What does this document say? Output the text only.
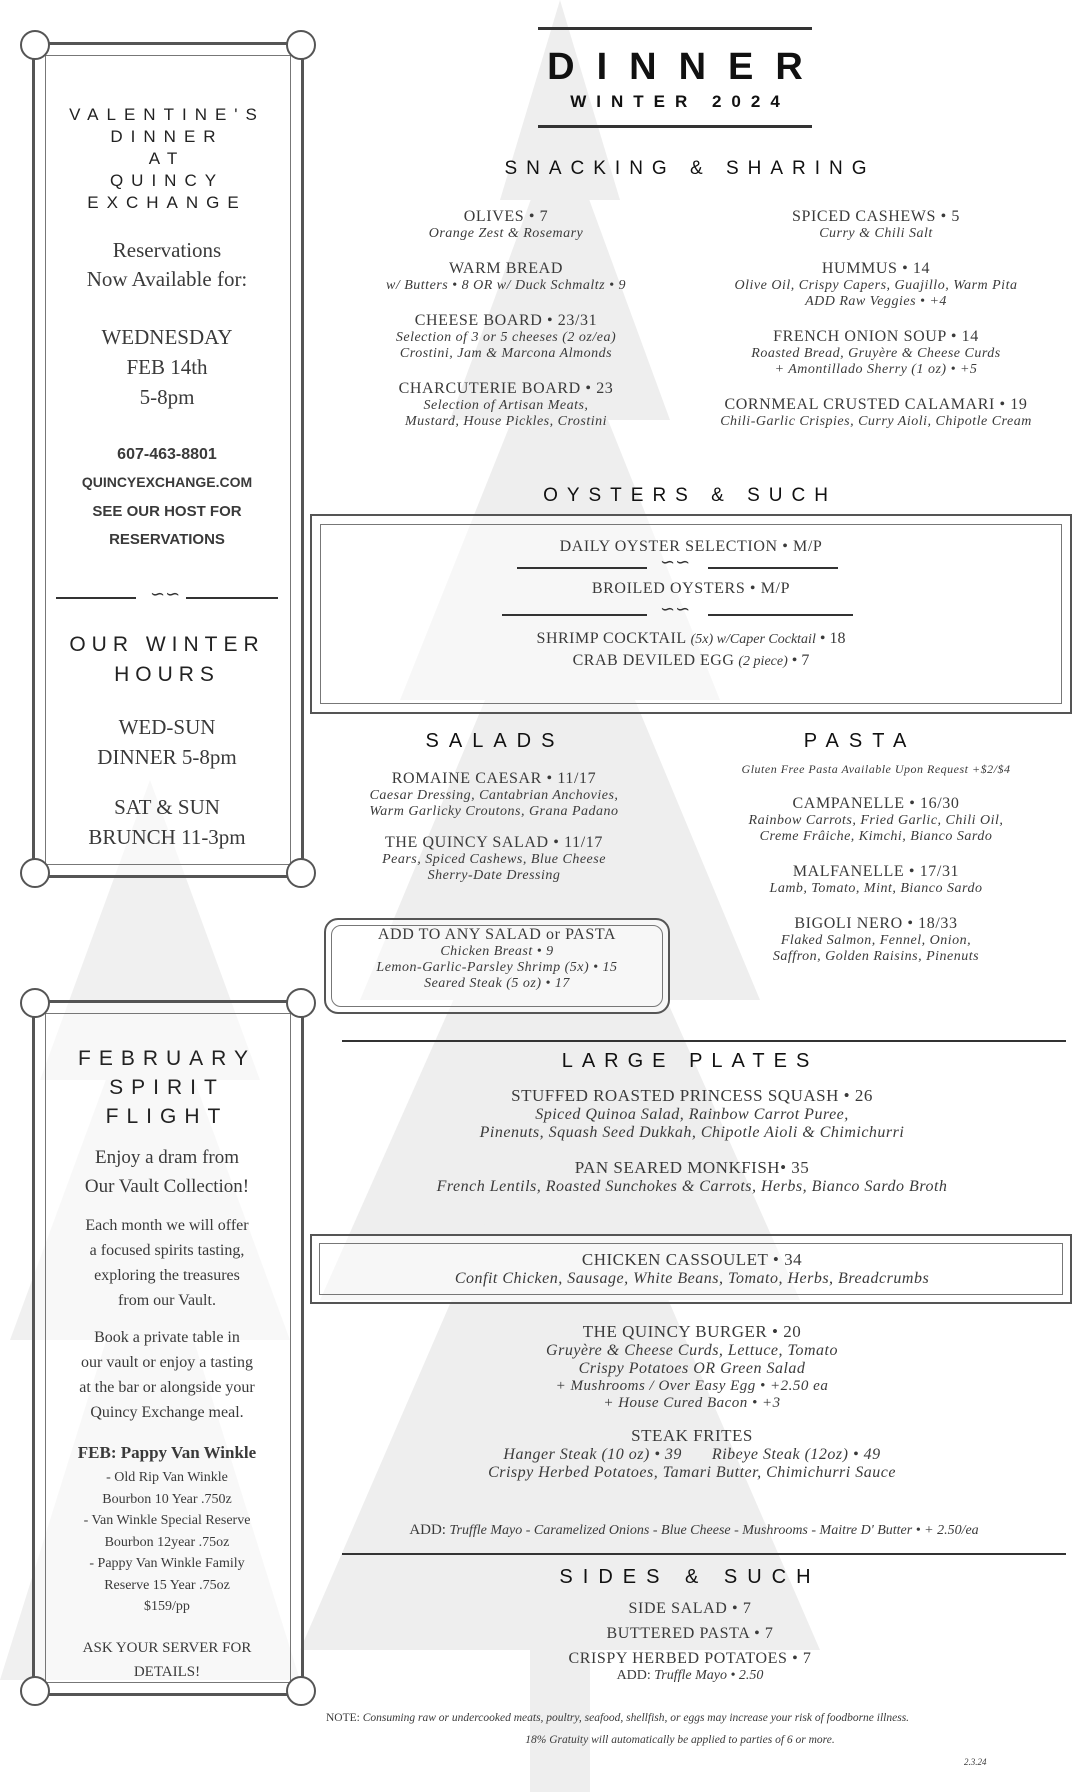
VALENTINE'S

DINNER

AT

QUINCY

EXCHANGE

Reservations

Now Available for:

WEDNESDAY

FEB 14th

5-8pm

607-463-8801
QUINCYEXCHANGE.COM

SEE OUR HOST FOR

RESERVATIONS

∽∽

OUR WINTER

HOURS

WED-SUN

DINNER 5-8pm

SAT & SUN

BRUNCH 11-3pm

FEBRUARY

SPIRIT

FLIGHT

Enjoy a dram from

Our Vault Collection!

Each month we will offer

a focused spirits tasting,

exploring the treasures

from our Vault.

Book a private table in

our vault or enjoy a tasting

at the bar or alongside your

Quincy Exchange meal.

FEB: Pappy Van Winkle

- Old Rip Van Winkle

Bourbon 10 Year .750z

- Van Winkle Special Reserve

Bourbon 12year .75oz

- Pappy Van Winkle Family

Reserve 15 Year .75oz

$159/pp

ASK YOUR SERVER FOR

DETAILS!

DINNER
WINTER 2024
SNACKING & SHARING
OLIVES • 7
Orange Zest & Rosemary
WARM BREAD
w/ Butters • 8 OR w/ Duck Schmaltz • 9
CHEESE BOARD • 23/31
Selection of 3 or 5 cheeses (2 oz/ea)
Crostini, Jam & Marcona Almonds
CHARCUTERIE BOARD • 23
Selection of Artisan Meats,
Mustard, House Pickles, Crostini
SPICED CASHEWS • 5
Curry & Chili Salt
HUMMUS • 14
Olive Oil, Crispy Capers, Guajillo, Warm Pita
ADD Raw Veggies • +4
FRENCH ONION SOUP • 14
Roasted Bread, Gruyère & Cheese Curds
+ Amontillado Sherry (1 oz) • +5
CORNMEAL CRUSTED CALAMARI • 19
Chili-Garlic Crispies, Curry Aioli, Chipotle Cream
OYSTERS & SUCH
DAILY OYSTER SELECTION • M/P
∽∽
BROILED OYSTERS • M/P
∽∽
SHRIMP COCKTAIL (5x) w/Caper Cocktail • 18
CRAB DEVILED EGG (2 piece) • 7
SALADS
ROMAINE CAESAR • 11/17
Caesar Dressing, Cantabrian Anchovies,
Warm Garlicky Croutons, Grana Padano
THE QUINCY SALAD • 11/17
Pears, Spiced Cashews, Blue Cheese
Sherry-Date Dressing
ADD TO ANY SALAD or PASTA
Chicken Breast • 9
Lemon-Garlic-Parsley Shrimp (5x) • 15
Seared Steak (5 oz) • 17
PASTA
Gluten Free Pasta Available Upon Request +$2/$4
CAMPANELLE • 16/30
Rainbow Carrots, Fried Garlic, Chili Oil,
Creme Frâiche, Kimchi, Bianco Sardo
MALFANELLE • 17/31
Lamb, Tomato, Mint, Bianco Sardo
BIGOLI NERO • 18/33
Flaked Salmon, Fennel, Onion,
Saffron, Golden Raisins, Pinenuts
LARGE PLATES
STUFFED ROASTED PRINCESS SQUASH • 26
Spiced Quinoa Salad, Rainbow Carrot Puree,
Pinenuts, Squash Seed Dukkah, Chipotle Aioli & Chimichurri
PAN SEARED MONKFISH• 35
French Lentils, Roasted Sunchokes & Carrots, Herbs, Bianco Sardo Broth
CHICKEN CASSOULET • 34
Confit Chicken, Sausage, White Beans, Tomato, Herbs, Breadcrumbs
THE QUINCY BURGER • 20
Gruyère & Cheese Curds, Lettuce, Tomato
Crispy Potatoes OR Green Salad
+ Mushrooms / Over Easy Egg • +2.50 ea
+ House Cured Bacon • +3
STEAK FRITES
Hanger Steak (10 oz) • 39 Ribeye Steak (12oz) • 49
Crispy Herbed Potatoes, Tamari Butter, Chimichurri Sauce
ADD: Truffle Mayo - Caramelized Onions - Blue Cheese - Mushrooms - Maitre D' Butter • + 2.50/ea
SIDES & SUCH
SIDE SALAD • 7
BUTTERED PASTA • 7
CRISPY HERBED POTATOES • 7
ADD: Truffle Mayo • 2.50
NOTE: Consuming raw or undercooked meats, poultry, seafood, shellfish, or eggs may increase your risk of foodborne illness.
18% Gratuity will automatically be applied to parties of 6 or more.
2.3.24
